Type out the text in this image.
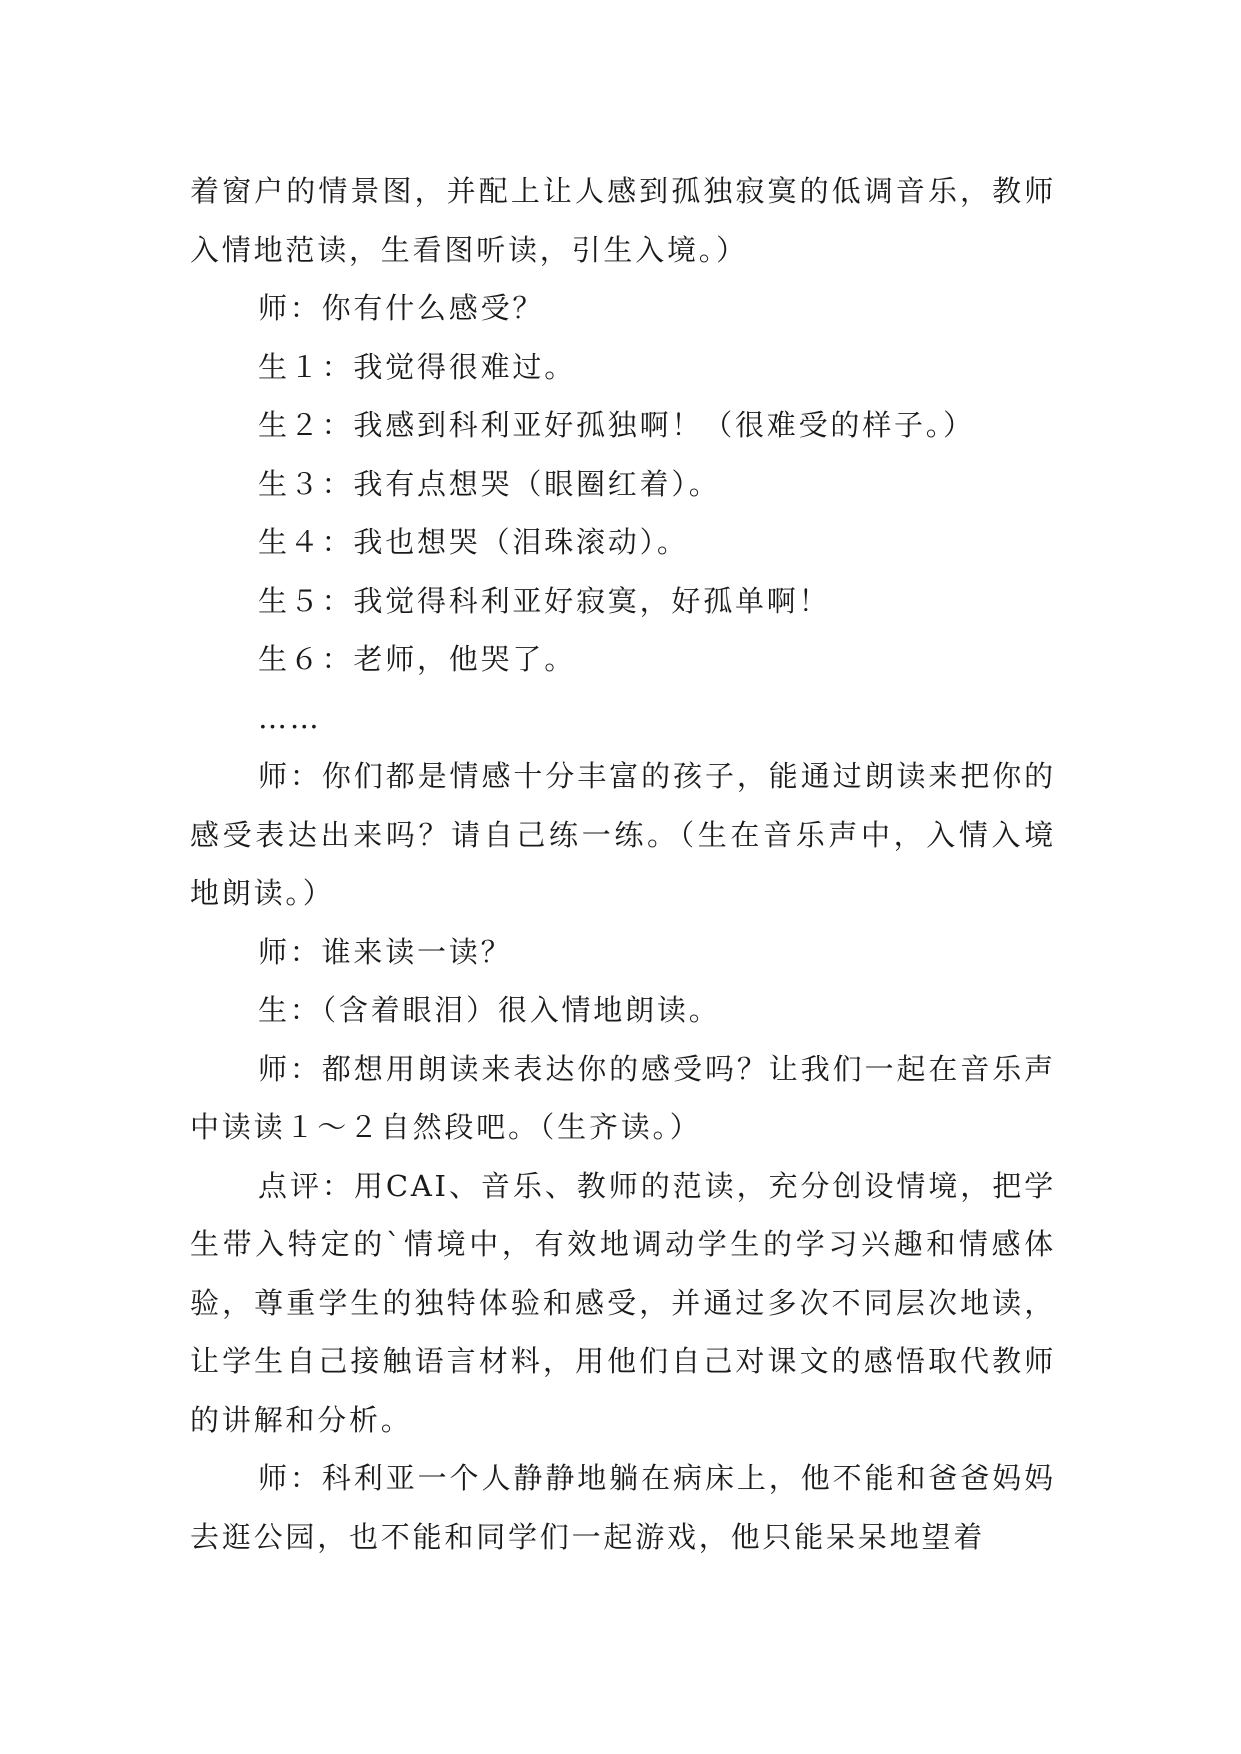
着窗户的情景图，并配上让人感到孤独寂寞的低调音乐，教师入情地范读，生看图听读，引生入境。）

师：你有什么感受？

生１：我觉得很难过。

生２：我感到科利亚好孤独啊！（很难受的样子。）

生３：我有点想哭（眼圈红着）。

生４：我也想哭（泪珠滚动）。

生５：我觉得科利亚好寂寞，好孤单啊！

生６：老师，他哭了。

……

师：你们都是情感十分丰富的孩子，能通过朗读来把你的感受表达出来吗？请自己练一练。（生在音乐声中，入情入境地朗读。）

师：谁来读一读？

生：（含着眼泪）很入情地朗读。

师：都想用朗读来表达你的感受吗？让我们一起在音乐声中读读１～２自然段吧。（生齐读。）

点评：用CAI、音乐、教师的范读，充分创设情境，把学生带入特定的`情境中，有效地调动学生的学习兴趣和情感体验，尊重学生的独特体验和感受，并通过多次不同层次地读，让学生自己接触语言材料，用他们自己对课文的感悟取代教师的讲解和分析。

师：科利亚一个人静静地躺在病床上，他不能和爸爸妈妈去逛公园，也不能和同学们一起游戏，他只能呆呆地望着
